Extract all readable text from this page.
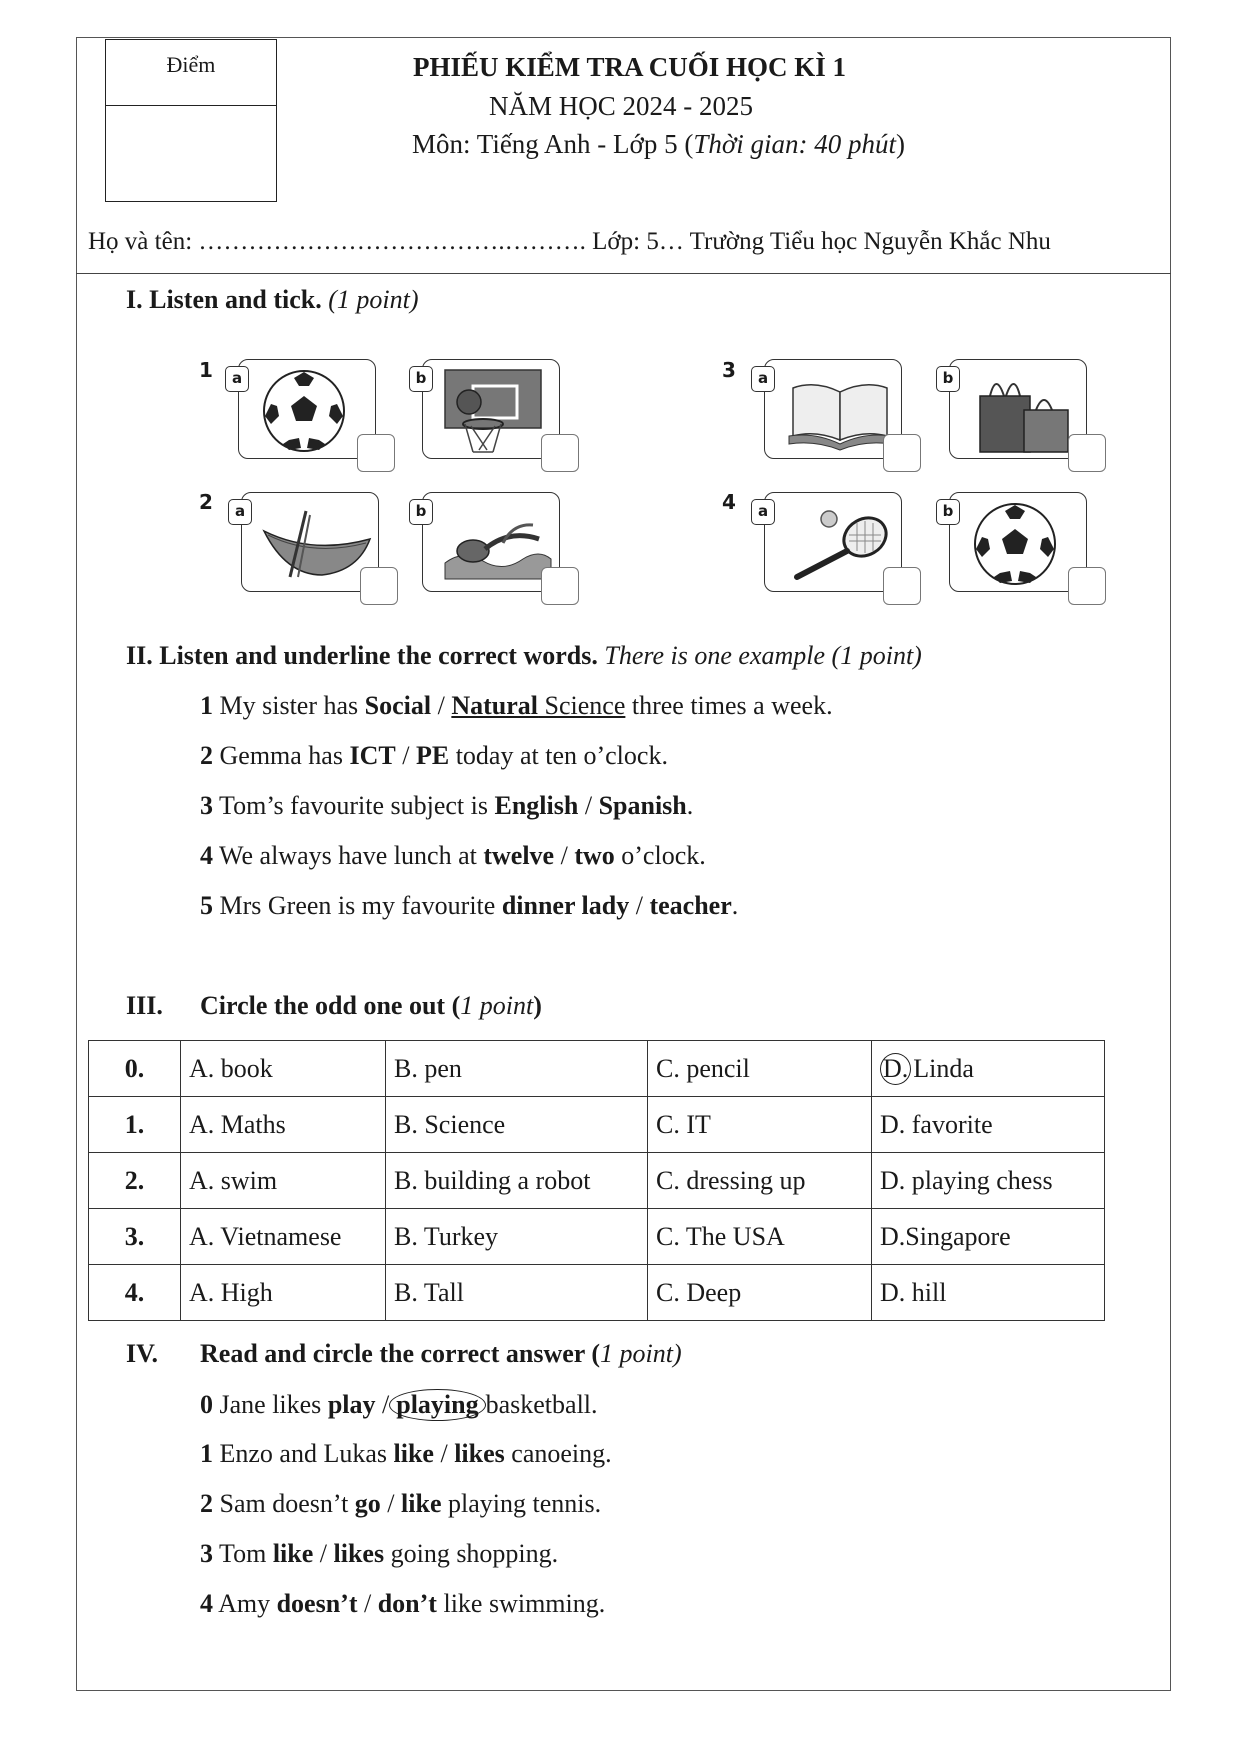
Điểm	PHIẾU KIỂM TRA CUỐI HỌC KÌ 1
NĂM HỌC 2024 - 2025
Môn: Tiếng Anh - Lớp 5 (Thời gian: 40 phút)
Họ và tên: ……………………………….………. Lớp: 5… Trường Tiểu học Nguyễn Khắc Nhu
I. Listen and tick. (1 point)
1	a	b	3	a	b
2	a	b	4	a	b
II. Listen and underline the correct words. There is one example (1 point)
1 My sister has Social / Natural Science three times a week.
2 Gemma has ICT / PE today at ten o’clock.
3 Tom’s favourite subject is English / Spanish.
4 We always have lunch at twelve / two o’clock.
5 Mrs Green is my favourite dinner lady / teacher.
III. Circle the odd one out (1 point)
0.	A. book	B. pen	C. pencil	D. Linda
1.	A. Maths	B. Science	C. IT	D. favorite
2.	A. swim	B. building a robot	C. dressing up	D. playing chess
3.	A. Vietnamese	B. Turkey	C. The USA	D.Singapore
4.	A. High	B. Tall	C. Deep	D. hill
IV. Read and circle the correct answer (1 point)
0 Jane likes play / playing basketball.
1 Enzo and Lukas like / likes canoeing.
2 Sam doesn’t go / like playing tennis.
3 Tom like / likes going shopping.
4 Amy doesn’t / don’t like swimming.
